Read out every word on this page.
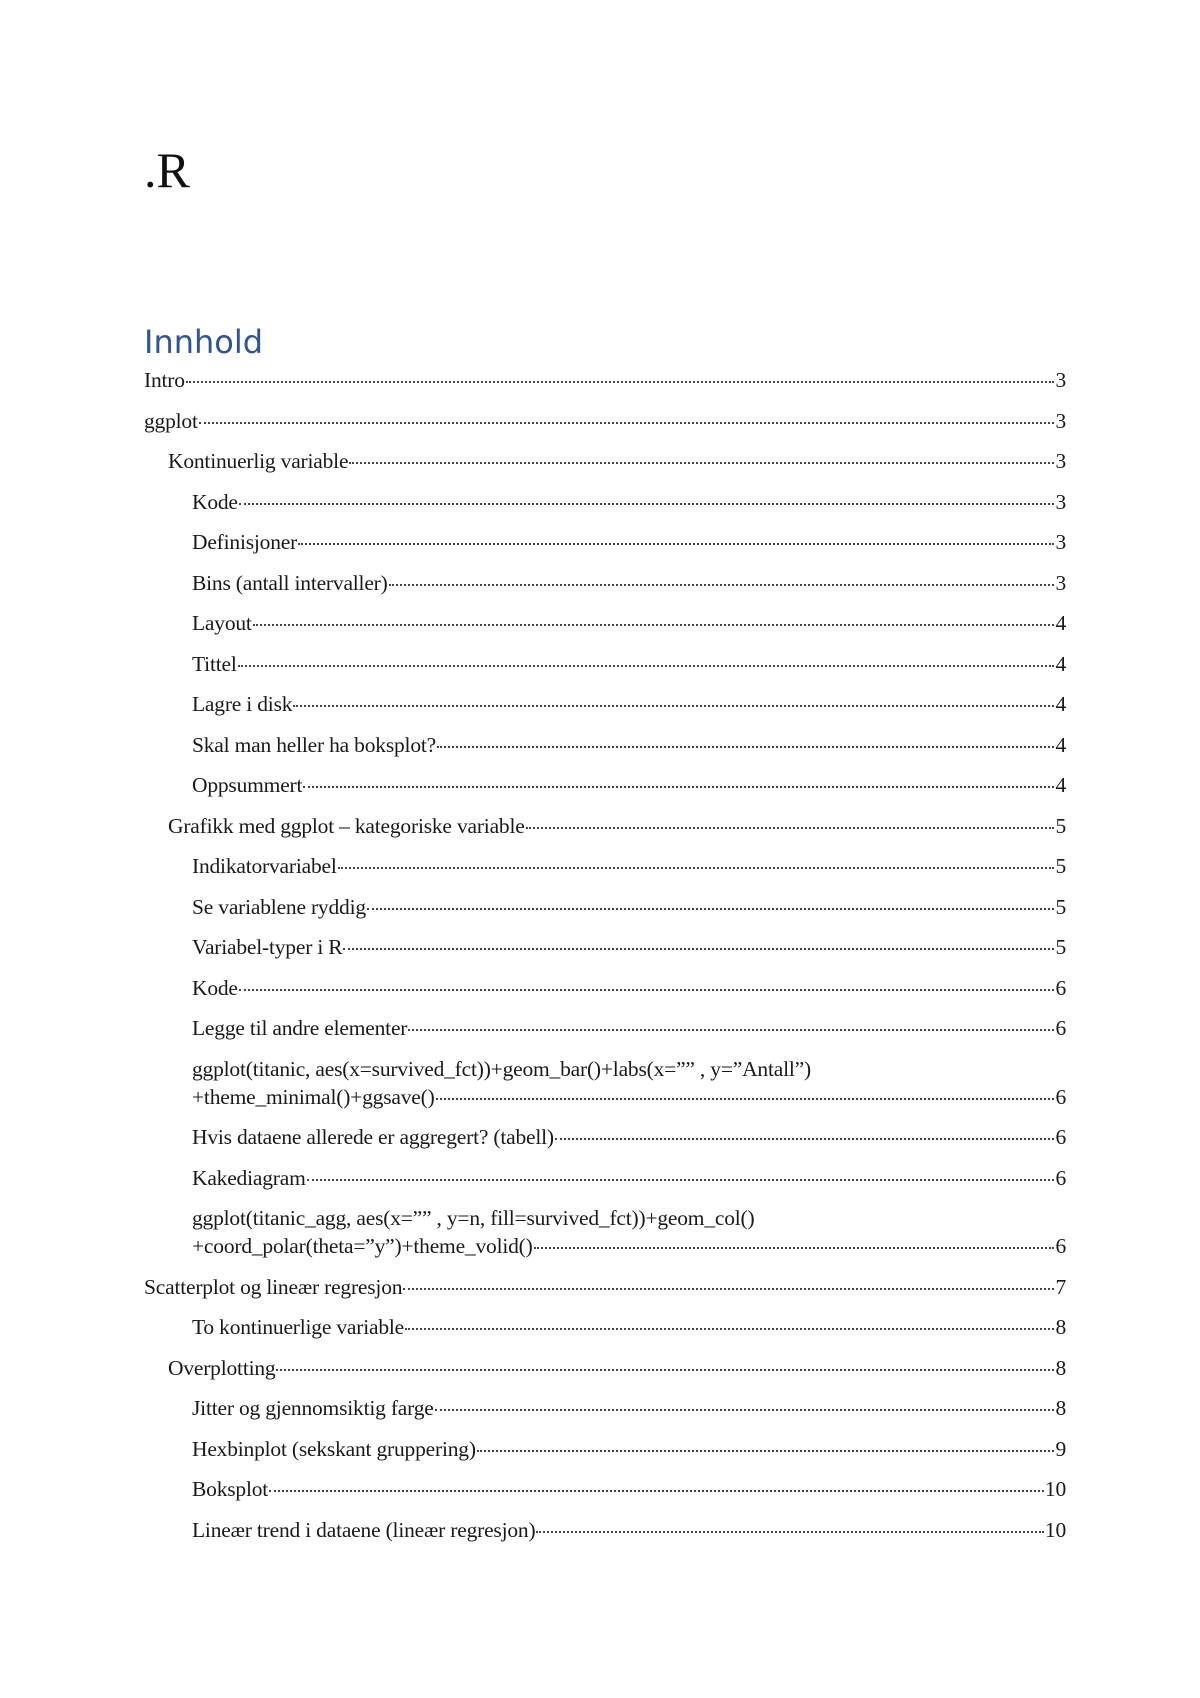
.R
Innhold
Intro	3
ggplot	3
Kontinuerlig variable	3
Kode	3
Definisjoner	3
Bins (antall intervaller)	3
Layout	4
Tittel	4
Lagre i disk	4
Skal man heller ha boksplot?	4
Oppsummert	4
Grafikk med ggplot – kategoriske variable	5
Indikatorvariabel	5
Se variablene ryddig	5
Variabel-typer i R	5
Kode	6
Legge til andre elementer	6
ggplot(titanic, aes(x=survived_fct))+geom_bar()+labs(x=”” , y=”Antall”)
+theme_minimal()+ggsave()	6
Hvis dataene allerede er aggregert? (tabell)	6
Kakediagram	6
ggplot(titanic_agg, aes(x=”” , y=n, fill=survived_fct))+geom_col()
+coord_polar(theta=”y”)+theme_volid()	6
Scatterplot og lineær regresjon	7
To kontinuerlige variable	8
Overplotting	8
Jitter og gjennomsiktig farge	8
Hexbinplot (sekskant gruppering)	9
Boksplot	10
Lineær trend i dataene (lineær regresjon)	10
